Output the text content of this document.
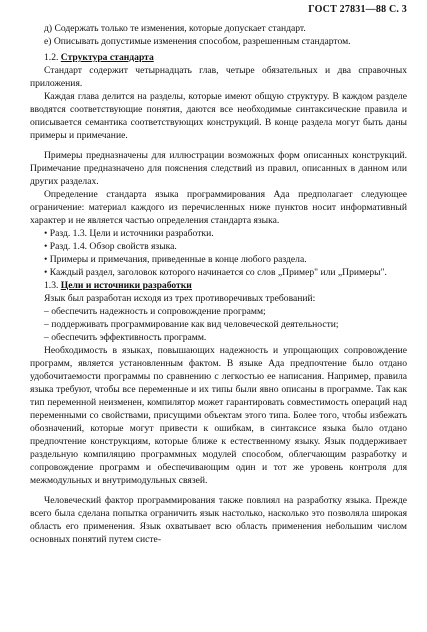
ГОСТ 27831—88 С. 3

д) Содержать только те изменения, которые допускает стандарт.

е) Описывать допустимые изменения способом, разрешенным стандартом.

1.2. Структура стандарта

Стандарт содержит четырнадцать глав, четыре обязательных и два справочных приложения.

Каждая глава делится на разделы, которые имеют общую структуру. В каждом разделе вводятся соответствующие понятия, даются все необходимые синтаксические правила и описывается семантика соответствующих конструкций. В конце раздела могут быть даны примеры и примечание.

Примеры предназначены для иллюстрации возможных форм описанных конструкций. Примечание предназначено для пояснения следствий из правил, описанных в данном или других разделах.

Определение стандарта языка программирования Ада предполагает следующее ограничение: материал каждого из перечисленных ниже пунктов носит информативный характер и не является частью определения стандарта языка.

• Разд. 1.3. Цели и источники разработки.

• Разд. 1.4. Обзор свойств языка.

• Примеры и примечания, приведенные в конце любого раздела.

• Каждый раздел, заголовок которого начинается со слов „Пример" или „Примеры".

1.3. Цели и источники разработки

Язык был разработан исходя из трех противоречивых требований:

– обеспечить надежность и сопровождение программ;

– поддерживать программирование как вид человеческой деятельности;

– обеспечить эффективность программ.

Необходимость в языках, повышающих надежность и упрощающих сопровождение программ, является установленным фактом. В языке Ада предпочтение было отдано удобочитаемости программы по сравнению с легкостью ее написания. Например, правила языка требуют, чтобы все переменные и их типы были явно описаны в программе. Так как тип переменной неизменен, компилятор может гарантировать совместимость операций над переменными со свойствами, присущими объектам этого типа. Более того, чтобы избежать обозначений, которые могут привести к ошибкам, в синтаксисе языка было отдано предпочтение конструкциям, которые ближе к естественному языку. Язык поддерживает раздельную компиляцию программных модулей способом, облегчающим разработку и сопровождение программ и обеспечивающим один и тот же уровень контроля для межмодульных и внутримодульных связей.

Человеческий фактор программирования также повлиял на разработку языка. Прежде всего была сделана попытка ограничить язык настолько, насколько это позволяла широкая область его применения. Язык охватывает всю область применения небольшим числом основных понятий путем систе-
